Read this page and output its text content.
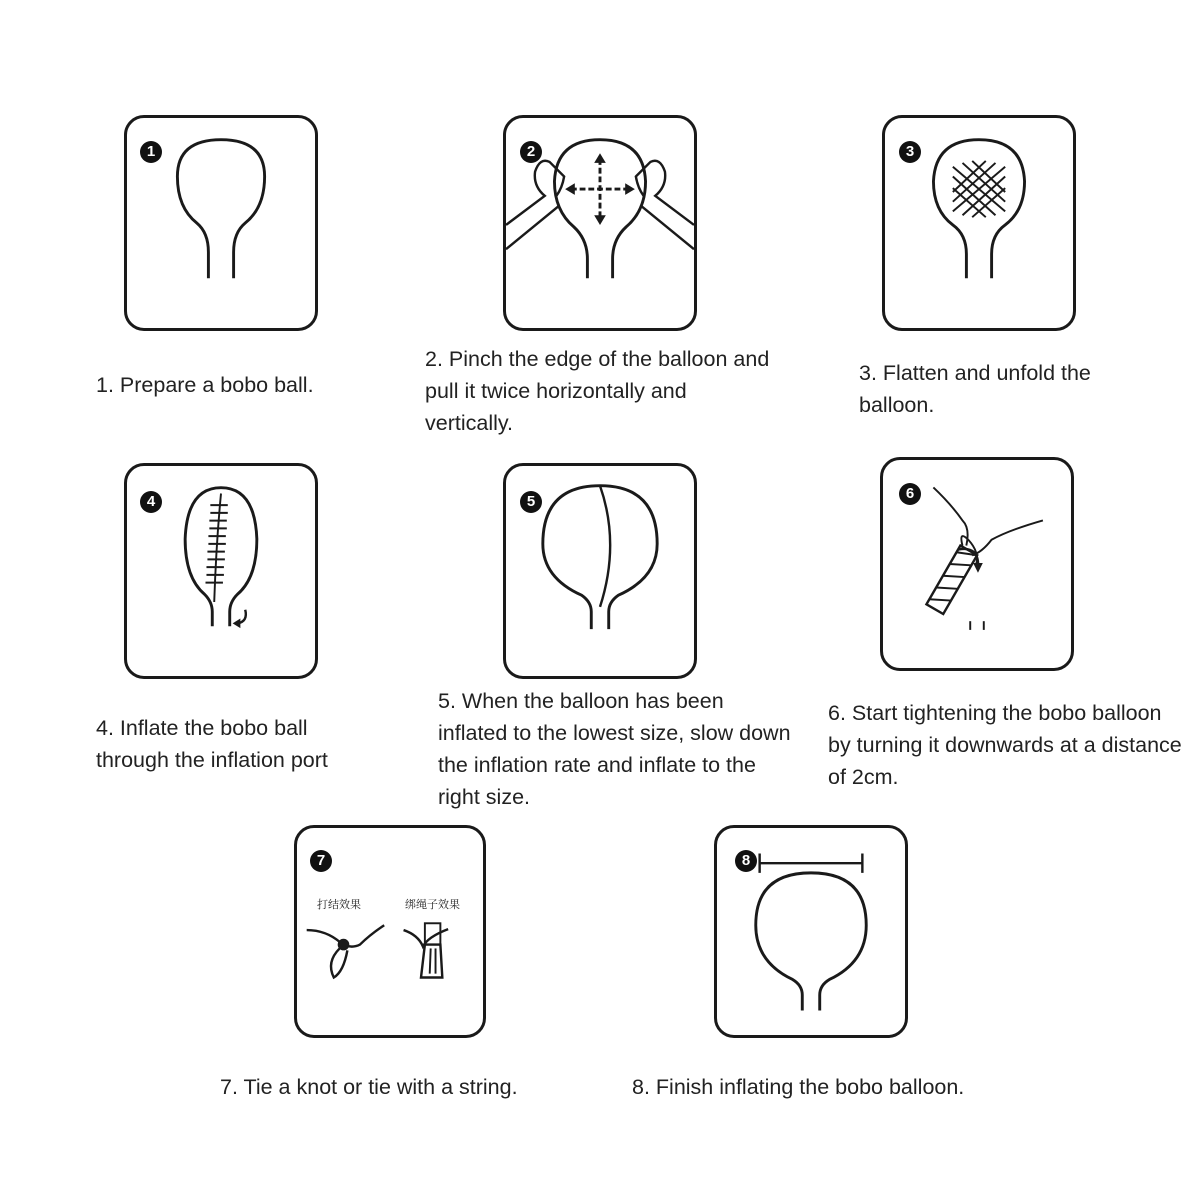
1

1. Prepare a bobo ball.

2

2. Pinch the edge of the balloon and pull it twice horizontally and vertically.

3

3. Flatten and unfold the balloon.

4

4. Inflate the bobo ball through the inflation port

5

5. When the balloon has been inflated to the lowest size, slow down the inflation rate and inflate to the right size.

6

6. Start tightening the bobo balloon by turning it downwards at a distance of 2cm.

7
打结效果	绑绳子效果

7. Tie a knot or tie with a string.

8

8. Finish inflating the bobo balloon.
